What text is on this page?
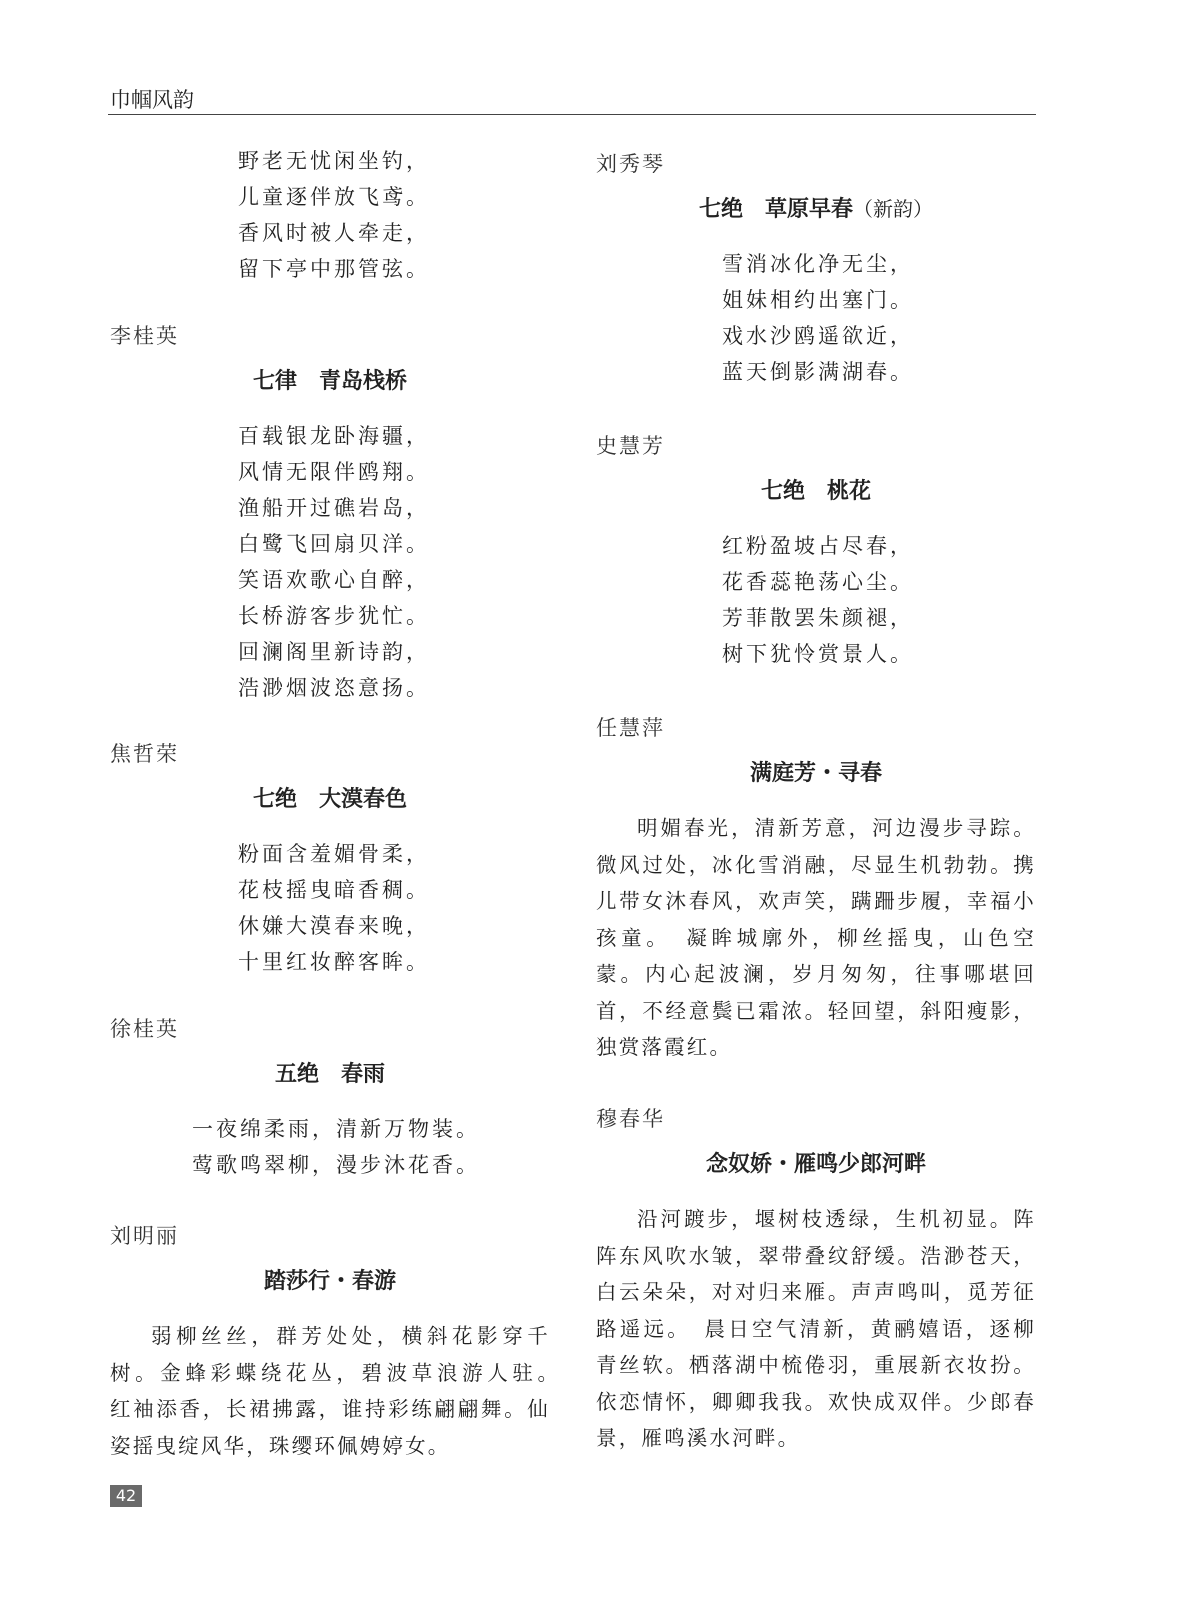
巾帼风韵
野老无忧闲坐钓，
儿童逐伴放飞鸢。
香风时被人牵走，
留下亭中那管弦。
李桂英
七律　青岛栈桥
百载银龙卧海疆，
风情无限伴鸥翔。
渔船开过礁岩岛，
白鹭飞回扇贝洋。
笑语欢歌心自醉，
长桥游客步犹忙。
回澜阁里新诗韵，
浩渺烟波恣意扬。
焦哲荣
七绝　大漠春色
粉面含羞媚骨柔，
花枝摇曳暗香稠。
休嫌大漠春来晚，
十里红妆醉客眸。
徐桂英
五绝　春雨
一夜绵柔雨，清新万物装。
莺歌鸣翠柳，漫步沐花香。
刘明丽
踏莎行・春游

弱柳丝丝，群芳处处，横斜花影穿千树。金蜂彩蝶绕花丛，碧波草浪游人驻。　红袖添香，长裙拂露，谁持彩练翩翩舞。仙姿摇曳绽风华，珠缨环佩娉婷女。

刘秀琴
七绝　草原早春（新韵）
雪消冰化净无尘，
姐妹相约出塞门。
戏水沙鸥遥欲近，
蓝天倒影满湖春。
史慧芳
七绝　桃花
红粉盈坡占尽春，
花香蕊艳荡心尘。
芳菲散罢朱颜褪，
树下犹怜赏景人。
任慧萍
满庭芳・寻春

明媚春光，清新芳意，河边漫步寻踪。微风过处，冰化雪消融，尽显生机勃勃。携儿带女沐春风，欢声笑，蹒跚步履，幸福小孩童。　凝眸城廓外，柳丝摇曳，山色空蒙。内心起波澜，岁月匆匆，往事哪堪回首，不经意鬓已霜浓。轻回望，斜阳瘦影，独赏落霞红。

穆春华
念奴娇・雁鸣少郎河畔

沿河踱步，堰树枝透绿，生机初显。阵阵东风吹水皱，翠带叠纹舒缓。浩渺苍天，白云朵朵，对对归来雁。声声鸣叫，觅芳征路遥远。　晨日空气清新，黄鹂嬉语，逐柳青丝软。栖落湖中梳倦羽，重展新衣妆扮。依恋情怀，卿卿我我。欢快成双伴。少郎春景，雁鸣溪水河畔。

42
